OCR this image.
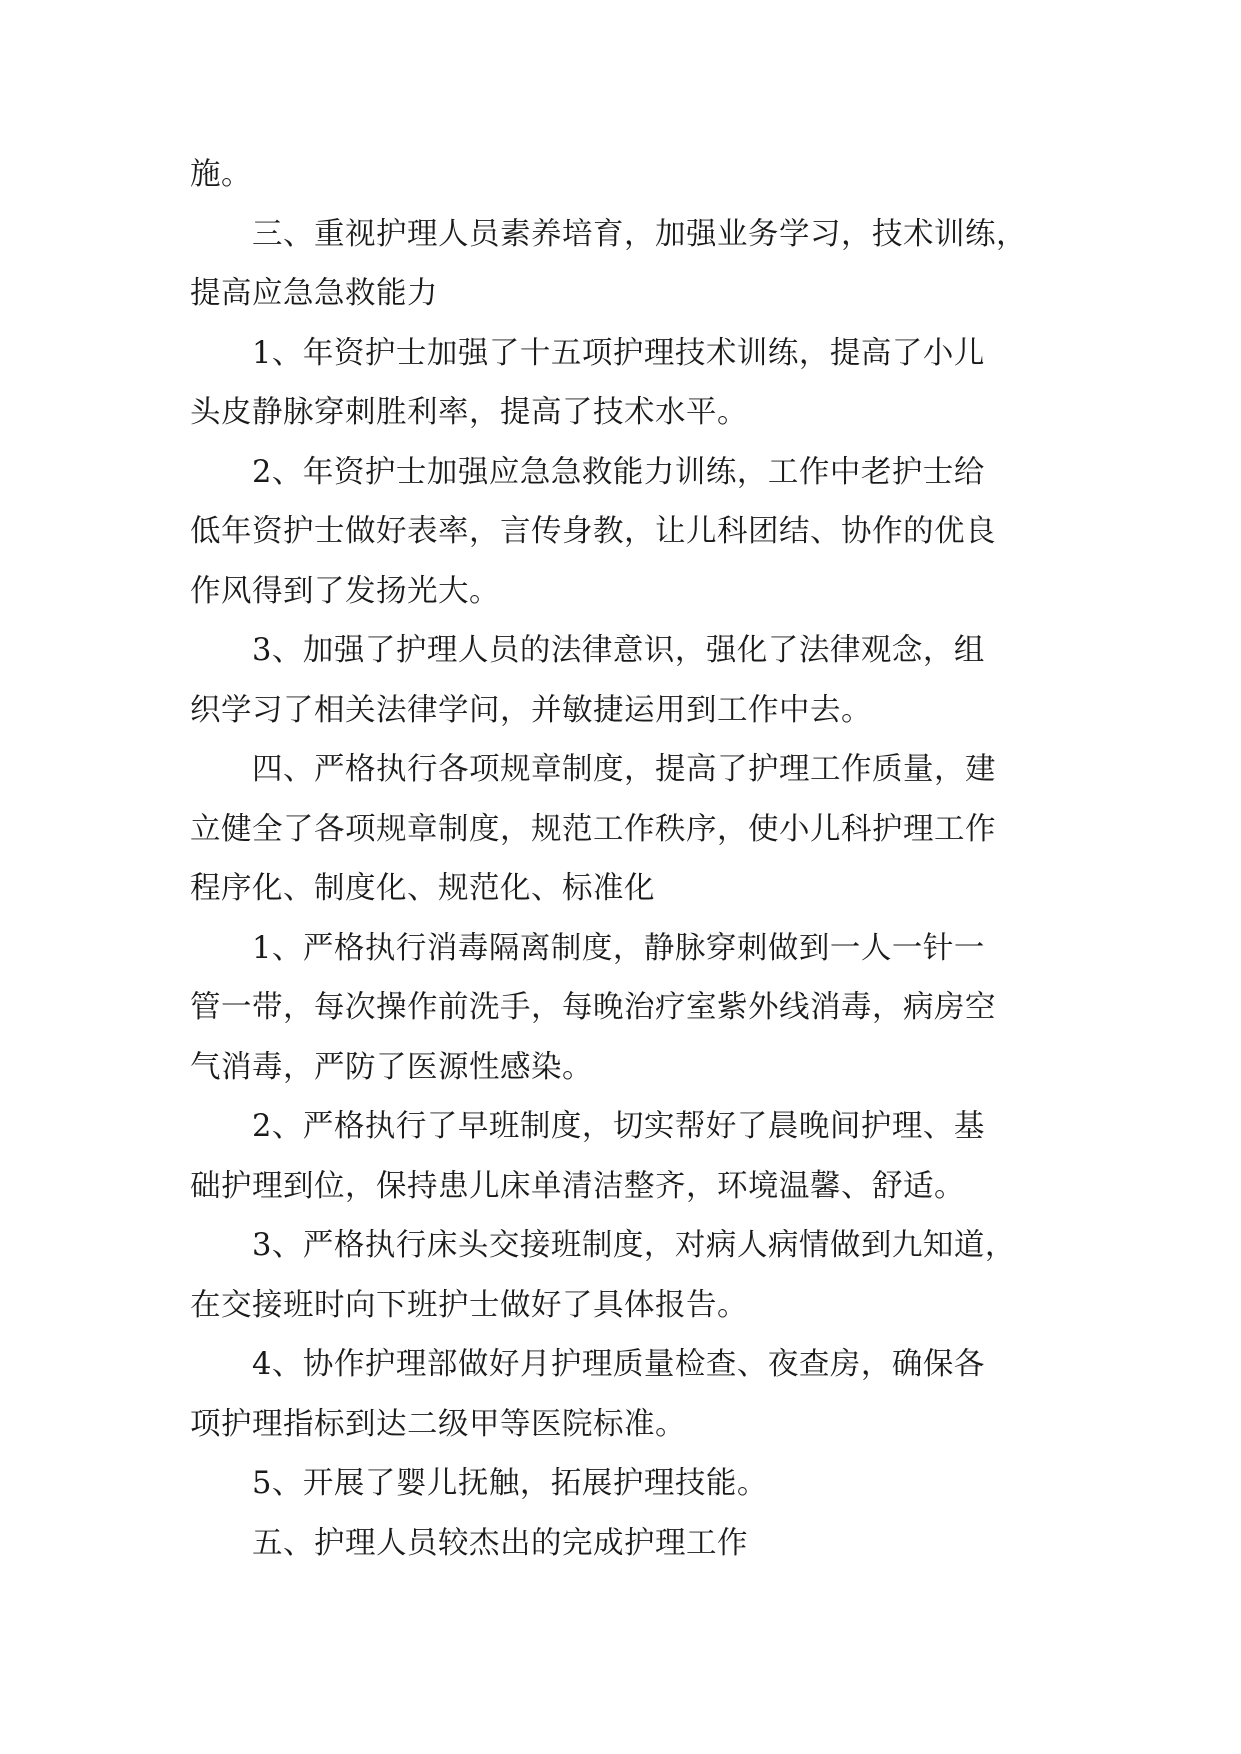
施。
　　三、重视护理人员素养培育，加强业务学习，技术训练，
提高应急急救能力
　　1、年资护士加强了十五项护理技术训练，提高了小儿
头皮静脉穿刺胜利率，提高了技术水平。
　　2、年资护士加强应急急救能力训练，工作中老护士给
低年资护士做好表率，言传身教，让儿科团结、协作的优良
作风得到了发扬光大。
　　3、加强了护理人员的法律意识，强化了法律观念，组
织学习了相关法律学问，并敏捷运用到工作中去。
　　四、严格执行各项规章制度，提高了护理工作质量，建
立健全了各项规章制度，规范工作秩序，使小儿科护理工作
程序化、制度化、规范化、标准化
　　1、严格执行消毒隔离制度，静脉穿刺做到一人一针一
管一带，每次操作前洗手，每晚治疗室紫外线消毒，病房空
气消毒，严防了医源性感染。
　　2、严格执行了早班制度，切实帮好了晨晚间护理、基
础护理到位，保持患儿床单清洁整齐，环境温馨、舒适。
　　3、严格执行床头交接班制度，对病人病情做到九知道，
在交接班时向下班护士做好了具体报告。
　　4、协作护理部做好月护理质量检查、夜查房，确保各
项护理指标到达二级甲等医院标准。
　　5、开展了婴儿抚触，拓展护理技能。
　　五、护理人员较杰出的完成护理工作
